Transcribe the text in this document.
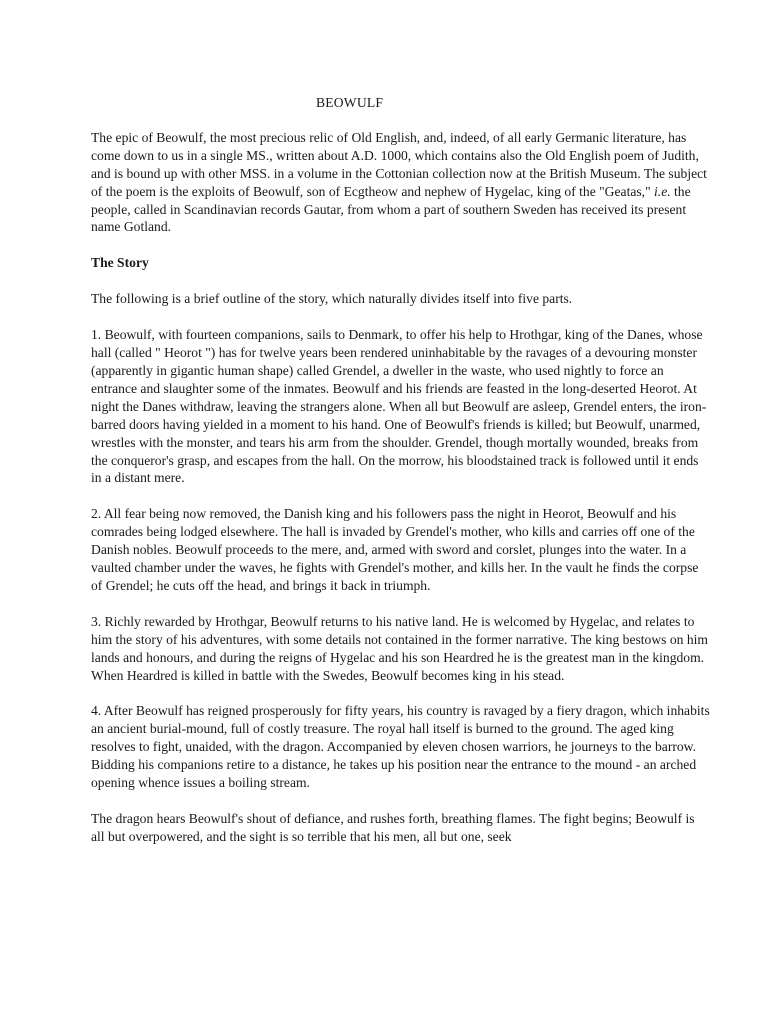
BEOWULF

The epic of Beowulf, the most precious relic of Old English, and, indeed, of all early Germanic literature, has come down to us in a single MS., written about A.D. 1000, which contains also the Old English poem of Judith, and is bound up with other MSS. in a volume in the Cottonian collection now at the British Museum. The subject of the poem is the exploits of Beowulf, son of Ecgtheow and nephew of Hygelac, king of the "Geatas," i.e. the people, called in Scandinavian records Gautar, from whom a part of southern Sweden has received its present name Gotland.

The Story

The following is a brief outline of the story, which naturally divides itself into five parts.

1. Beowulf, with fourteen companions, sails to Denmark, to offer his help to Hrothgar, king of the Danes, whose hall (called " Heorot ") has for twelve years been rendered uninhabitable by the ravages of a devouring monster (apparently in gigantic human shape) called Grendel, a dweller in the waste, who used nightly to force an entrance and slaughter some of the inmates. Beowulf and his friends are feasted in the long-deserted Heorot. At night the Danes withdraw, leaving the strangers alone. When all but Beowulf are asleep, Grendel enters, the iron-barred doors having yielded in a moment to his hand. One of Beowulf's friends is killed; but Beowulf, unarmed, wrestles with the monster, and tears his arm from the shoulder. Grendel, though mortally wounded, breaks from the conqueror's grasp, and escapes from the hall. On the morrow, his bloodstained track is followed until it ends in a distant mere.

2. All fear being now removed, the Danish king and his followers pass the night in Heorot, Beowulf and his comrades being lodged elsewhere. The hall is invaded by Grendel's mother, who kills and carries off one of the Danish nobles. Beowulf proceeds to the mere, and, armed with sword and corslet, plunges into the water. In a vaulted chamber under the waves, he fights with Grendel's mother, and kills her. In the vault he finds the corpse of Grendel; he cuts off the head, and brings it back in triumph.

3. Richly rewarded by Hrothgar, Beowulf returns to his native land. He is welcomed by Hygelac, and relates to him the story of his adventures, with some details not contained in the former narrative. The king bestows on him lands and honours, and during the reigns of Hygelac and his son Heardred he is the greatest man in the kingdom. When Heardred is killed in battle with the Swedes, Beowulf becomes king in his stead.

4. After Beowulf has reigned prosperously for fifty years, his country is ravaged by a fiery dragon, which inhabits an ancient burial-mound, full of costly treasure. The royal hall itself is burned to the ground. The aged king resolves to fight, unaided, with the dragon. Accompanied by eleven chosen warriors, he journeys to the barrow. Bidding his companions retire to a distance, he takes up his position near the entrance to the mound - an arched opening whence issues a boiling stream.

The dragon hears Beowulf's shout of defiance, and rushes forth, breathing flames. The fight begins; Beowulf is all but overpowered, and the sight is so terrible that his men, all but one, seek
